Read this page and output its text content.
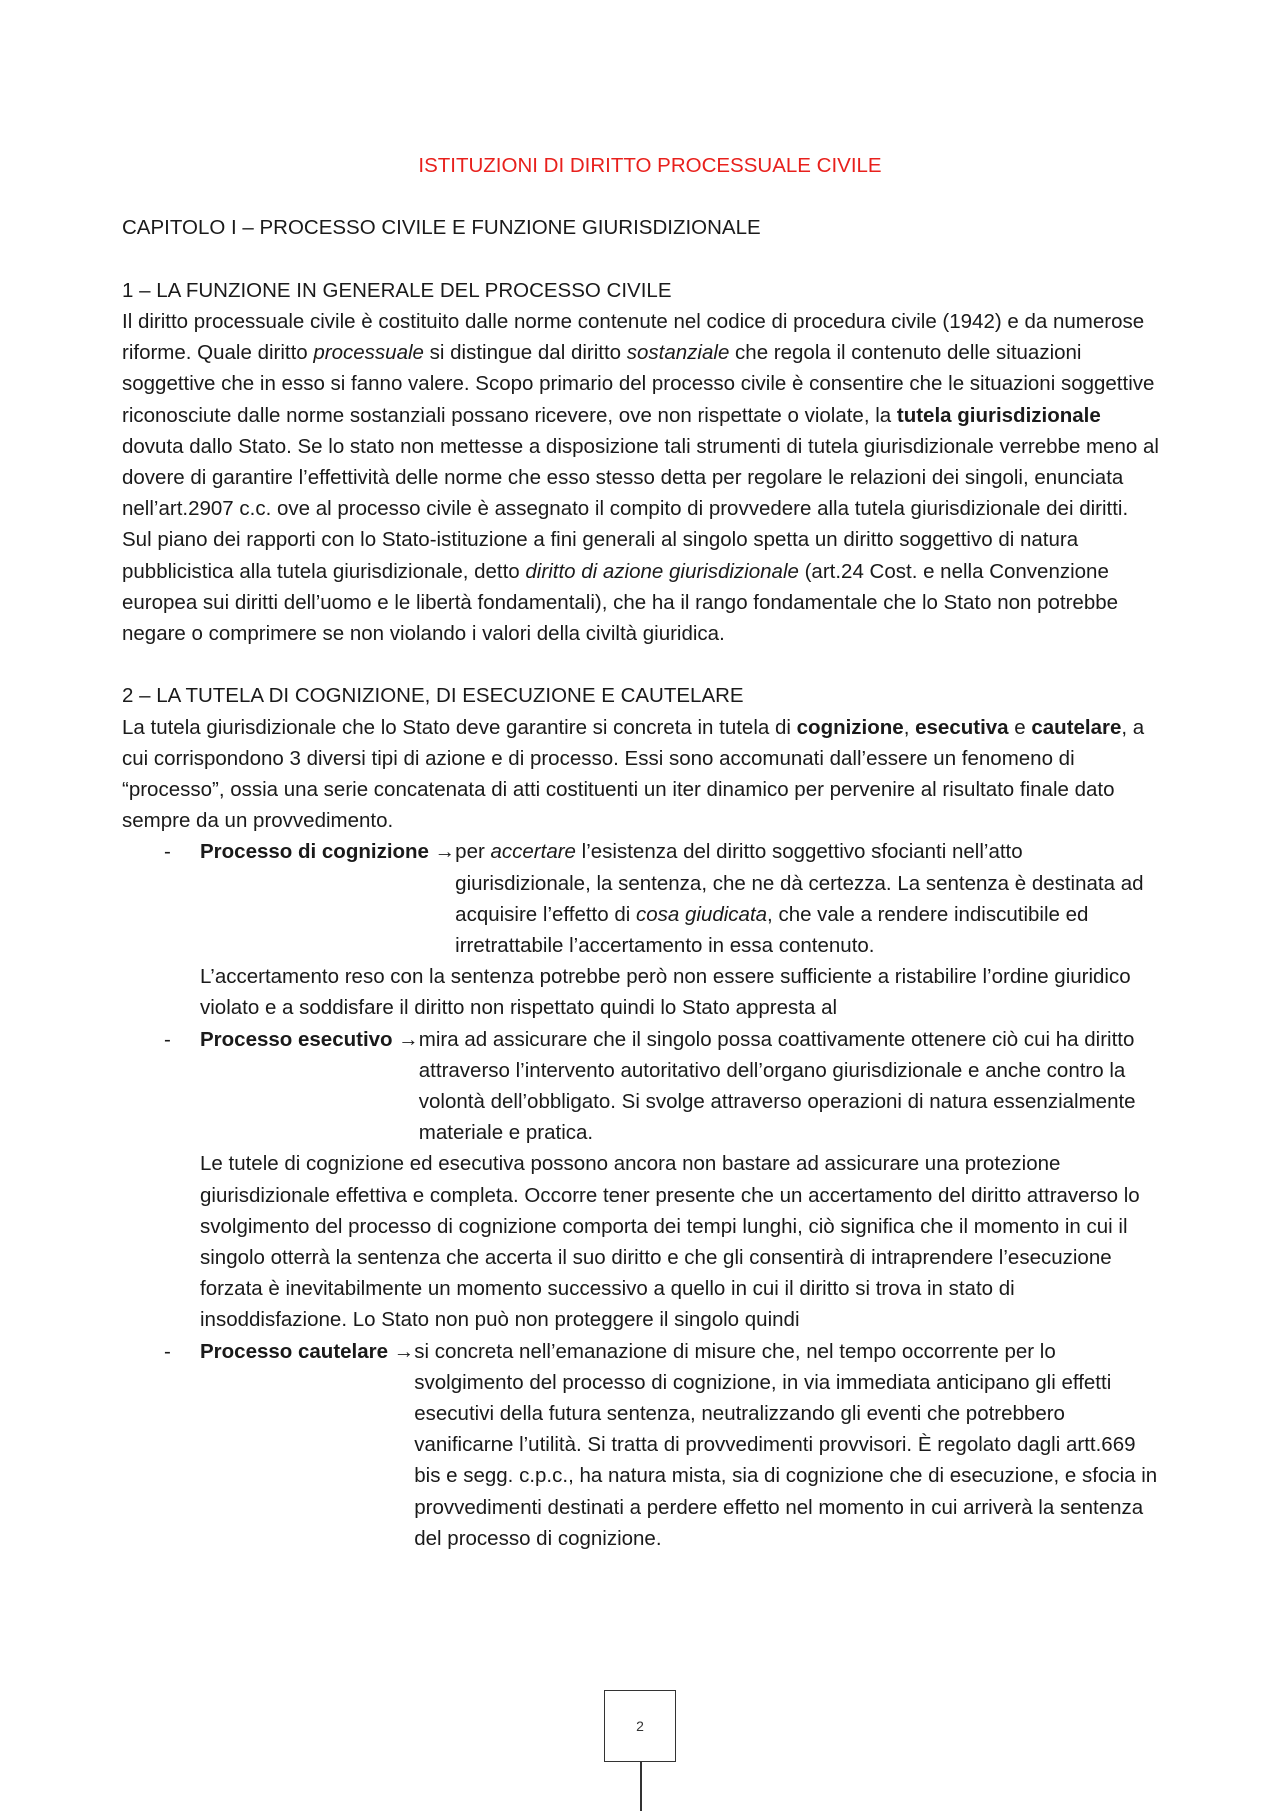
ISTITUZIONI DI DIRITTO PROCESSUALE CIVILE

CAPITOLO I – PROCESSO CIVILE E FUNZIONE GIURISDIZIONALE

1 – LA FUNZIONE IN GENERALE DEL PROCESSO CIVILE

Il diritto processuale civile è costituito dalle norme contenute nel codice di procedura civile (1942) e da numerose riforme. Quale diritto processuale si distingue dal diritto sostanziale che regola il contenuto delle situazioni soggettive che in esso si fanno valere. Scopo primario del processo civile è consentire che le situazioni soggettive riconosciute dalle norme sostanziali possano ricevere, ove non rispettate o violate, la tutela giurisdizionale dovuta dallo Stato. Se lo stato non mettesse a disposizione tali strumenti di tutela giurisdizionale verrebbe meno al dovere di garantire l’effettività delle norme che esso stesso detta per regolare le relazioni dei singoli, enunciata nell’art.2907 c.c. ove al processo civile è assegnato il compito di provvedere alla tutela giurisdizionale dei diritti.

Sul piano dei rapporti con lo Stato-istituzione a fini generali al singolo spetta un diritto soggettivo di natura pubblicistica alla tutela giurisdizionale, detto diritto di azione giurisdizionale (art.24 Cost. e nella Convenzione europea sui diritti dell’uomo e le libertà fondamentali), che ha il rango fondamentale che lo Stato non potrebbe negare o comprimere se non violando i valori della civiltà giuridica.

2 – LA TUTELA DI COGNIZIONE, DI ESECUZIONE E CAUTELARE

La tutela giurisdizionale che lo Stato deve garantire si concreta in tutela di cognizione, esecutiva e cautelare, a cui corrispondono 3 diversi tipi di azione e di processo. Essi sono accomunati dall’essere un fenomeno di “processo”, ossia una serie concatenata di atti costituenti un iter dinamico per pervenire al risultato finale dato sempre da un provvedimento.

- Processo di cognizione → per accertare l’esistenza del diritto soggettivo sfocianti nell’atto giurisdizionale, la sentenza, che ne dà certezza. La sentenza è destinata ad acquisire l’effetto di cosa giudicata, che vale a rendere indiscutibile ed irretrattabile l’accertamento in essa contenuto.

L’accertamento reso con la sentenza potrebbe però non essere sufficiente a ristabilire l’ordine giuridico violato e a soddisfare il diritto non rispettato quindi lo Stato appresta al

- Processo esecutivo → mira ad assicurare che il singolo possa coattivamente ottenere ciò cui ha diritto attraverso l’intervento autoritativo dell’organo giurisdizionale e anche contro la volontà dell’obbligato. Si svolge attraverso operazioni di natura essenzialmente materiale e pratica.

Le tutele di cognizione ed esecutiva possono ancora non bastare ad assicurare una protezione giurisdizionale effettiva e completa. Occorre tener presente che un accertamento del diritto attraverso lo svolgimento del processo di cognizione comporta dei tempi lunghi, ciò significa che il momento in cui il singolo otterrà la sentenza che accerta il suo diritto e che gli consentirà di intraprendere l’esecuzione forzata è inevitabilmente un momento successivo a quello in cui il diritto si trova in stato di insoddisfazione. Lo Stato non può non proteggere il singolo quindi

- Processo cautelare → si concreta nell’emanazione di misure che, nel tempo occorrente per lo svolgimento del processo di cognizione, in via immediata anticipano gli effetti esecutivi della futura sentenza, neutralizzando gli eventi che potrebbero vanificarne l’utilità. Si tratta di provvedimenti provvisori. È regolato dagli artt.669 bis e segg. c.p.c., ha natura mista, sia di cognizione che di esecuzione, e sfocia in provvedimenti destinati a perdere effetto nel momento in cui arriverà la sentenza del processo di cognizione.
2
